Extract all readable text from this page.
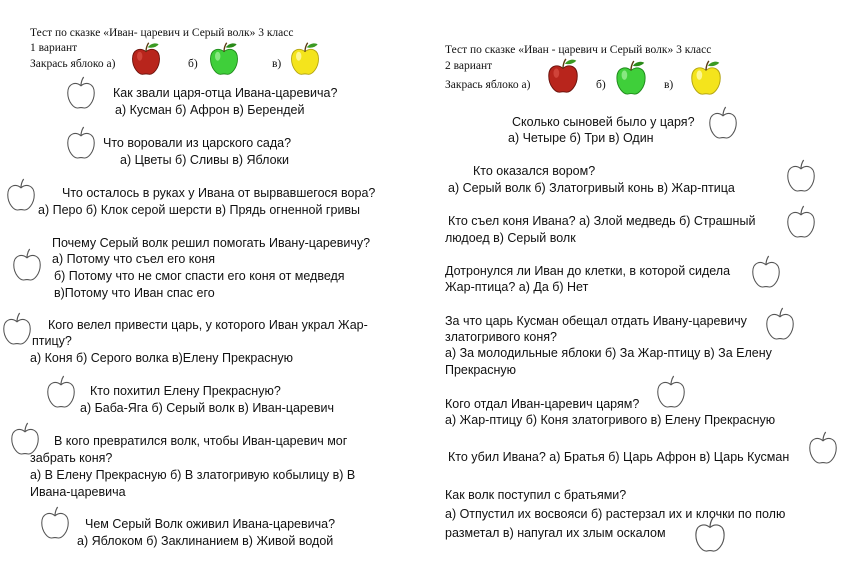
Тест по сказке «Иван- царевич и Серый волк» 3 класс
1 вариант
Закрась яблоко а)	б)	в)
Как звали царя-отца Ивана-царевича?
а) Кусман б) Афрон в) Берендей
Что воровали из царского сада?
а) Цветы б) Сливы в) Яблоки
Что осталось в руках у Ивана от вырвавшегося вора?
а) Перо б) Клок серой шерсти в) Прядь огненной гривы
Почему Серый волк решил помогать Ивану-царевичу?
а) Потому что съел его коня
б) Потому что не смог спасти его коня от медведя
в)Потому что Иван спас его
Кого велел привести царь, у которого Иван украл Жар-
птицу?
а) Коня б) Серого волка в)Елену Прекрасную
Кто похитил Елену Прекрасную?
а) Баба-Яга б) Серый волк в) Иван-царевич
В кого превратился волк, чтобы Иван-царевич мог
забрать коня?
а) В Елену Прекрасную б) В златогривую кобылицу в) В
Ивана-царевича
Чем Серый Волк оживил Ивана-царевича?
а) Яблоком б) Заклинанием в) Живой водой
Тест по сказке «Иван - царевич и Серый волк» 3 класс
2 вариант
Закрась яблоко а)	б)	в)
Сколько сыновей было у царя?
а) Четыре б) Три в) Один
Кто оказался вором?
а) Серый волк б) Златогривый конь в) Жар-птица
Кто съел коня Ивана? а) Злой медведь б) Страшный
людоед в) Серый волк
Дотронулся ли Иван до клетки, в которой сидела
Жар-птица? а) Да б) Нет
За что царь Кусман обещал отдать Ивану-царевичу
златогривого коня?
а) За молодильные яблоки б) За Жар-птицу в) За Елену
Прекрасную
Кого отдал Иван-царевич царям?
а) Жар-птицу б) Коня златогривого в) Елену Прекрасную
Кто убил Ивана? а) Братья б) Царь Афрон в) Царь Кусман
Как волк поступил с братьями?
а) Отпустил их восвояси б) растерзал их и клочки по полю
разметал в) напугал их злым оскалом
